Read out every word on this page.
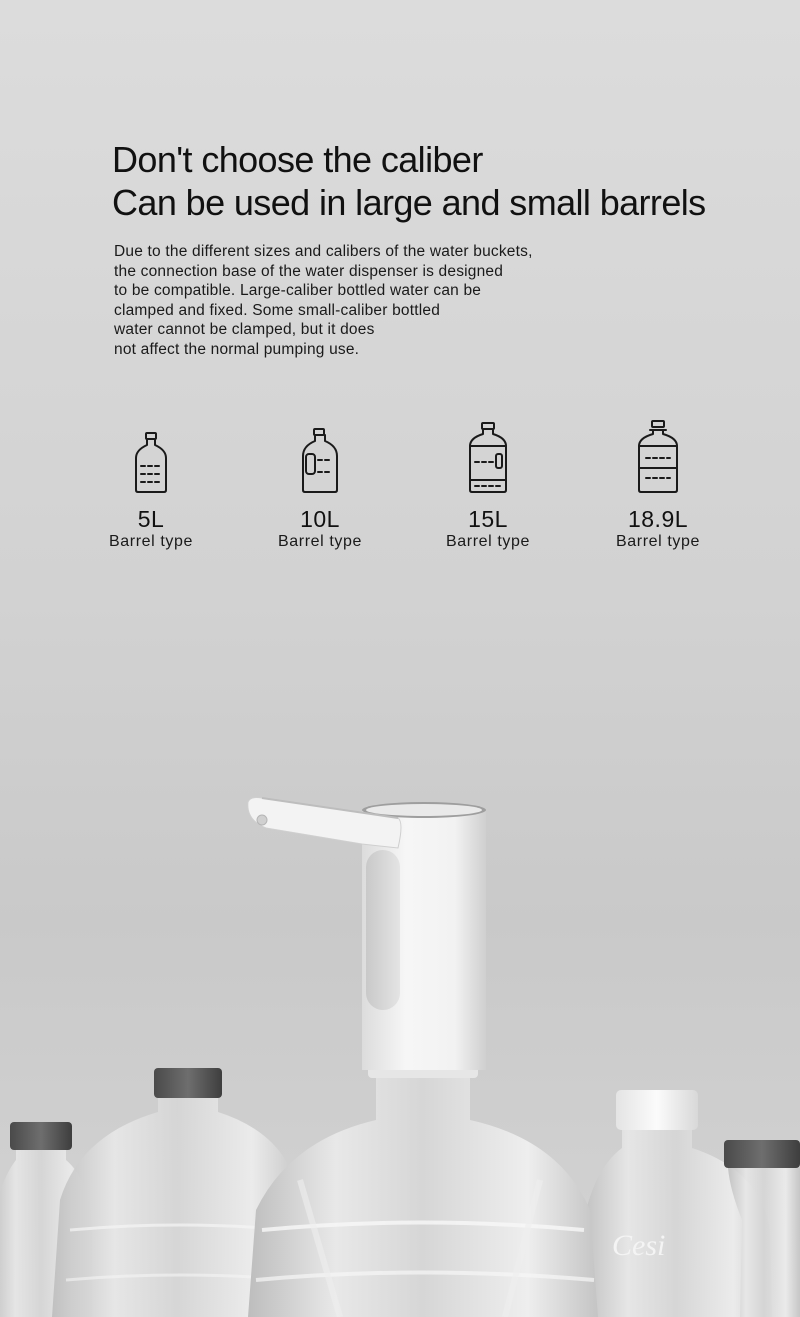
Don't choose the caliber
Can be used in large and small barrels
Due to the different sizes and calibers of the water buckets,
the connection base of the water dispenser is designed
to be compatible. Large-caliber bottled water can be
clamped and fixed. Some small-caliber bottled
water cannot be clamped, but it does
not affect the normal pumping use.
5L
Barrel type
10L
Barrel type
15L
Barrel type
18.9L
Barrel type
Cesi
